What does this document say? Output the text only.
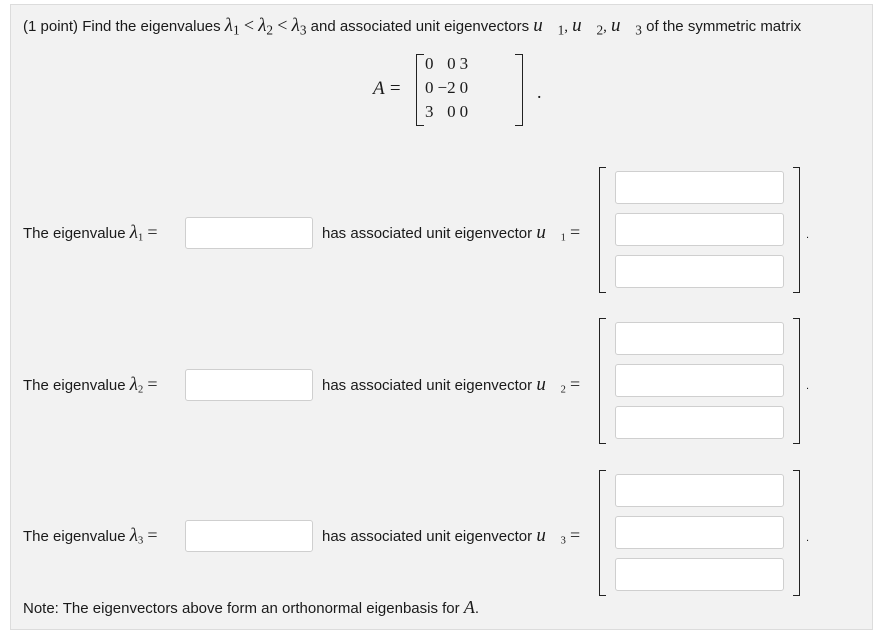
(1 point) Find the eigenvalues $\lambda_1 < \lambda_2 < \lambda_3$ and associated unit eigenvectors $u⃗_1$, $u⃗_2$, $u⃗_3$ of the symmetric matrix
A =
0	0	3
0	−2	0
3	0	0
.
The eigenvalue $\lambda_1$ =	has associated unit eigenvector $u⃗_1$ =	.
The eigenvalue $\lambda_2$ =	has associated unit eigenvector $u⃗_2$ =	.
The eigenvalue $\lambda_3$ =	has associated unit eigenvector $u⃗_3$ =	.
Note: The eigenvectors above form an orthonormal eigenbasis for A.
